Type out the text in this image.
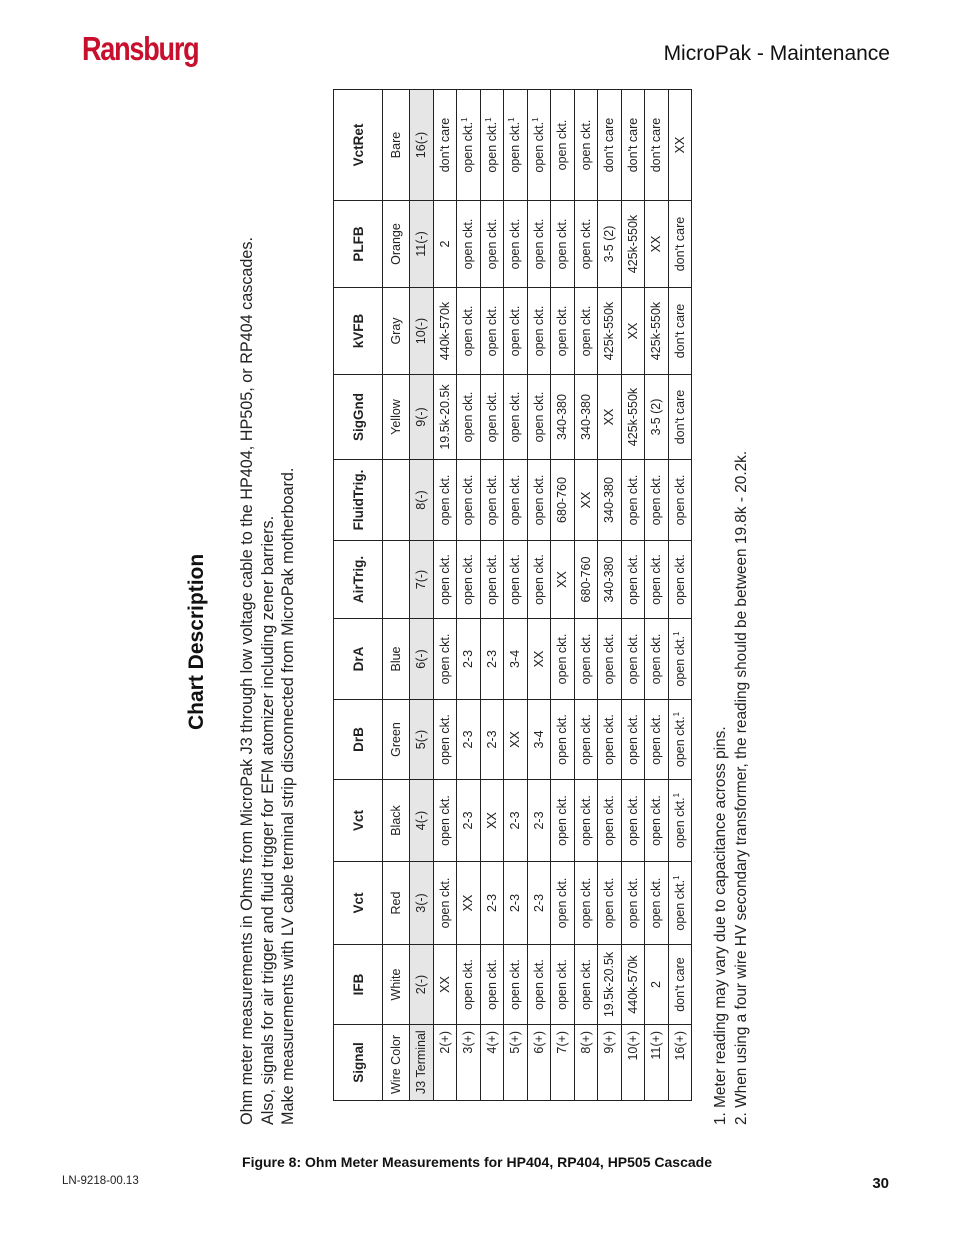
Ransburg	MicroPak - Maintenance
Chart Description Ohm meter measurements in Ohms from MicroPak J3 through low voltage cable to the HP404, HP505, or RP404 cascades. Also, signals for air trigger and fluid trigger for EFM atomizer including zener barriers. Make measurements with LV cable terminal strip disconnected from MicroPak motherboard.	Signal	IFB	Vct	Vct	DrB	DrA	AirTrig.	FluidTrig.	SigGnd	kVFB	PLFB	VctRet
Wire Color	White	Red	Black	Green	Blue			Yellow	Gray	Orange	Bare
J3 Terminal	2(-)	3(-)	4(-)	5(-)	6(-)	7(-)	8(-)	9(-)	10(-)	11(-)	16(-)
2(+)	XX	open ckt.	open ckt.	open ckt.	open ckt.	open ckt.	open ckt.	19.5k-20.5k	440k-570k	2	don't care
3(+)	open ckt.	XX	2-3	2-3	2-3	open ckt.	open ckt.	open ckt.	open ckt.	open ckt.	open ckt.$^1$
4(+)	open ckt.	2-3	XX	2-3	2-3	open ckt.	open ckt.	open ckt.	open ckt.	open ckt.	open ckt.$^1$
5(+)	open ckt.	2-3	2-3	XX	3-4	open ckt.	open ckt.	open ckt.	open ckt.	open ckt.	open ckt.$^1$
6(+)	open ckt.	2-3	2-3	3-4	XX	open ckt.	open ckt.	open ckt.	open ckt.	open ckt.	open ckt.$^1$
7(+)	open ckt.	open ckt.	open ckt.	open ckt.	open ckt.	XX	680-760	340-380	open ckt.	open ckt.	open ckt.
8(+)	open ckt.	open ckt.	open ckt.	open ckt.	open ckt.	680-760	XX	340-380	open ckt.	open ckt.	open ckt.
9(+)	19.5k-20.5k	open ckt.	open ckt.	open ckt.	open ckt.	340-380	340-380	XX	425k-550k	3-5 (2)	don't care
10(+)	440k-570k	open ckt.	open ckt.	open ckt.	open ckt.	open ckt.	open ckt.	425k-550k	XX	425k-550k	don't care
11(+)	2	open ckt.	open ckt.	open ckt.	open ckt.	open ckt.	open ckt.	3-5 (2)	425k-550k	XX	don't care
16(+)	don't care	open ckt.$^1$	open ckt.$^1$	open ckt.$^1$	open ckt.$^1$	open ckt.	open ckt.	don't care	don't care	don't care	XX
1. Meter reading may vary due to capacitance across pins. 2. When using a four wire HV secondary transformer, the reading should be between 19.8k - 20.2k.
Figure 8: Ohm Meter Measurements for HP404, RP404, HP505 Cascade
LN-9218-00.13	30
